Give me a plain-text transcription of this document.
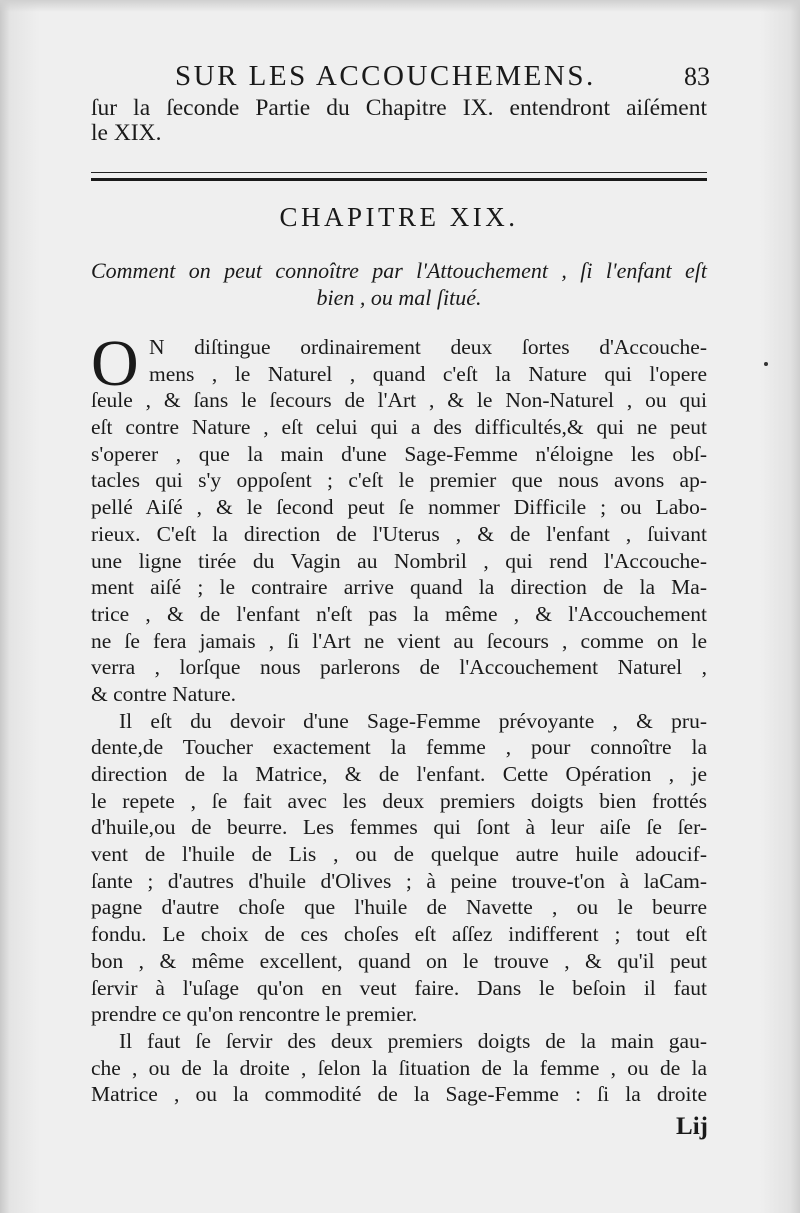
SUR LES ACCOUCHEMENS.	83
ſur la ſeconde Partie du Chapitre IX. entendront aiſément
le XIX.
CHAPITRE XIX.
Comment on peut connoître par l'Attouchement , ſi l'enfant eſt
bien , ou mal ſitué.
O N diſtingue ordinairement deux ſortes d'Accouche-
mens , le Naturel , quand c'eſt la Nature qui l'opere
ſeule , & ſans le ſecours de l'Art , & le Non-Naturel , ou qui
eſt contre Nature , eſt celui qui a des difficultés,& qui ne peut
s'operer , que la main d'une Sage-Femme n'éloigne les obſ-
tacles qui s'y oppoſent ; c'eſt le premier que nous avons ap-
pellé Aiſé , & le ſecond peut ſe nommer Difficile ; ou Labo-
rieux. C'eſt la direction de l'Uterus , & de l'enfant , ſuivant
une ligne tirée du Vagin au Nombril , qui rend l'Accouche-
ment aiſé ; le contraire arrive quand la direction de la Ma-
trice , & de l'enfant n'eſt pas la même , & l'Accouchement
ne ſe fera jamais , ſi l'Art ne vient au ſecours , comme on le
verra , lorſque nous parlerons de l'Accouchement Naturel ,
& contre Nature.
Il eſt du devoir d'une Sage-Femme prévoyante , & pru-
dente,de Toucher exactement la femme , pour connoître la
direction de la Matrice, & de l'enfant. Cette Opération , je
le repete , ſe fait avec les deux premiers doigts bien frottés
d'huile,ou de beurre. Les femmes qui ſont à leur aiſe ſe ſer-
vent de l'huile de Lis , ou de quelque autre huile adoucif-
ſante ; d'autres d'huile d'Olives ; à peine trouve-t'on à laCam-
pagne d'autre choſe que l'huile de Navette , ou le beurre
fondu. Le choix de ces choſes eſt aſſez indifferent ; tout eſt
bon , & même excellent, quand on le trouve , & qu'il peut
ſervir à l'uſage qu'on en veut faire. Dans le beſoin il faut
prendre ce qu'on rencontre le premier.
Il faut ſe ſervir des deux premiers doigts de la main gau-
che , ou de la droite , ſelon la ſituation de la femme , ou de la
Matrice , ou la commodité de la Sage-Femme : ſi la droite
Lij
